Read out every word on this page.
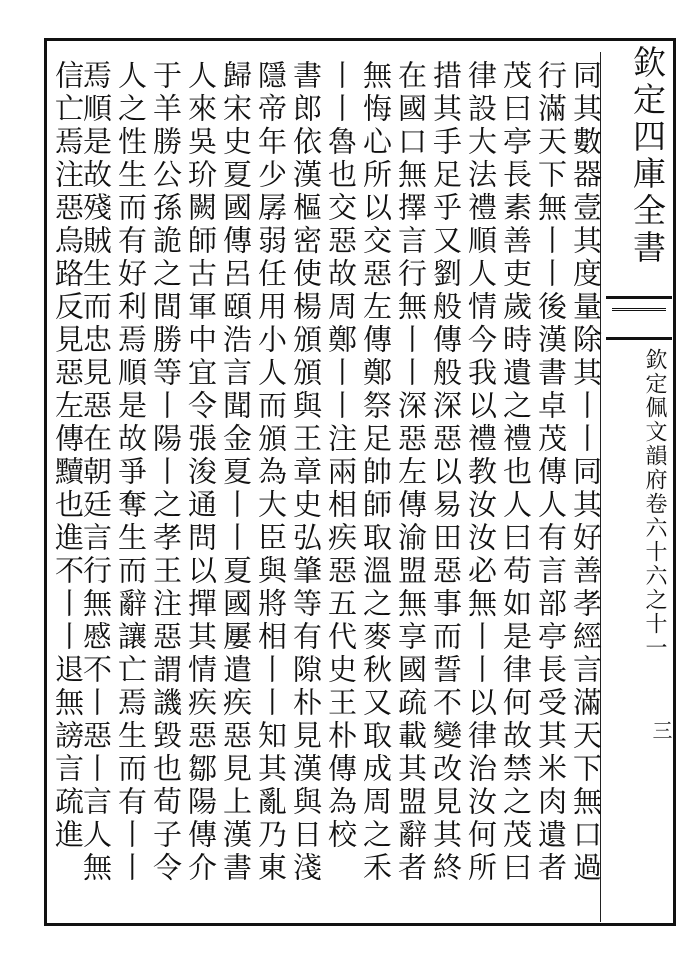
欽定四庫全書
欽定佩文韻府卷六十六之十一
三
同其數器壹其度量除其丨丨同其好善孝經言滿天下無口過
行滿天下無丨丨後漢書卓茂傳人有言部亭長受其米肉遺者
茂曰亭長素善吏歲時遺之禮也人曰苟如是律何故禁之茂曰
律設大法禮順人情今我以禮教汝汝必無丨丨以律治汝何所
措其手足乎又劉般傳般深惡以易田惡事而誓不變改見其終
在國口無擇言行無丨丨深惡左傳渝盟無享國疏載其盟辭者
無悔心所以交惡左傳鄭祭足帥師取溫之麥秋又取成周之禾
丨丨魯也交惡故周鄭丨丨注兩相疾惡五代史王朴傳為校
書郎依漢樞密使楊頒頒與王章史弘肇等有隙朴見漢與日淺
隱帝年少孱弱任用小人而頒為大臣與將相丨丨知其亂乃東
歸宋史夏國傳呂頤浩言聞金夏丨丨夏國屢遣疾惡見上漢書
人來吳玠闕師古軍中宜令張浚通問以撣其情疾惡鄒陽傳介
于羊勝公孫詭之間勝等丨陽丨之孝王注惡謂譏毀也荀子令
人之性生而有好利焉順是故爭奪生而辭讓亡焉生而有丨丨
焉順是故殘賊生而忠見惡在朝廷言行無慼不丨惡丨言人無
信亡焉注惡烏路反見惡左傳黷也進不丨丨退無謗言疏進
